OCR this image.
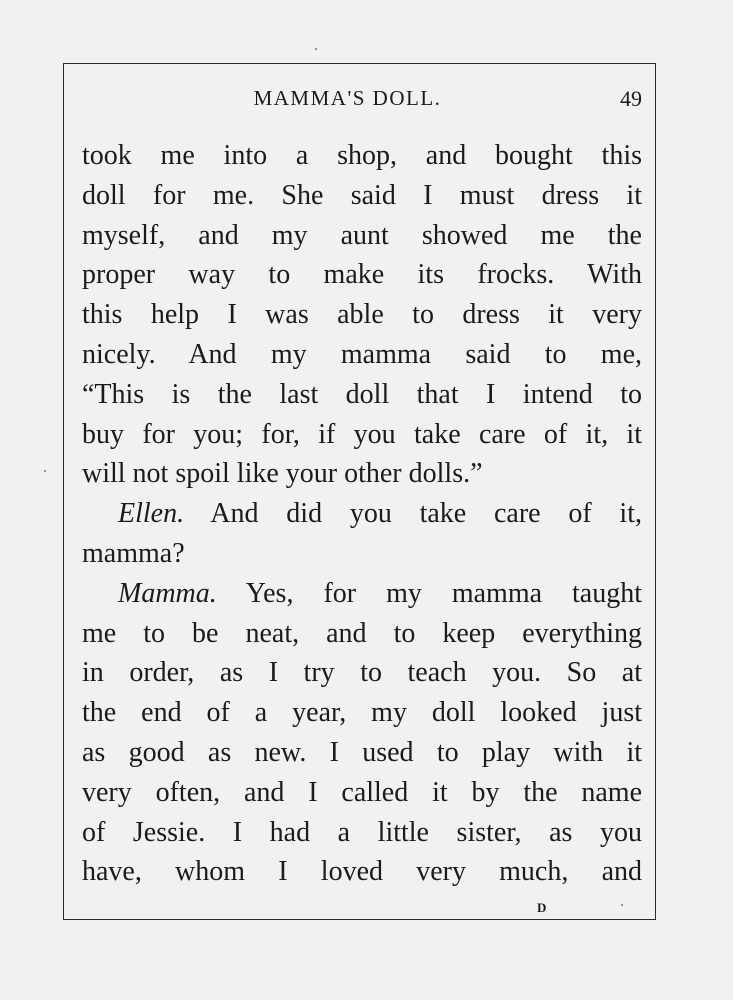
MAMMA'S DOLL.	49
took me into a shop, and bought this
doll for me. She said I must dress it
myself, and my aunt showed me the
proper way to make its frocks. With
this help I was able to dress it very
nicely. And my mamma said to me,
“This is the last doll that I intend to
buy for you; for, if you take care of it, it
will not spoil like your other dolls.”
Ellen. And did you take care of it,
mamma?
Mamma. Yes, for my mamma taught
me to be neat, and to keep everything
in order, as I try to teach you. So at
the end of a year, my doll looked just
as good as new. I used to play with it
very often, and I called it by the name
of Jessie. I had a little sister, as you
have, whom I loved very much, and
D
